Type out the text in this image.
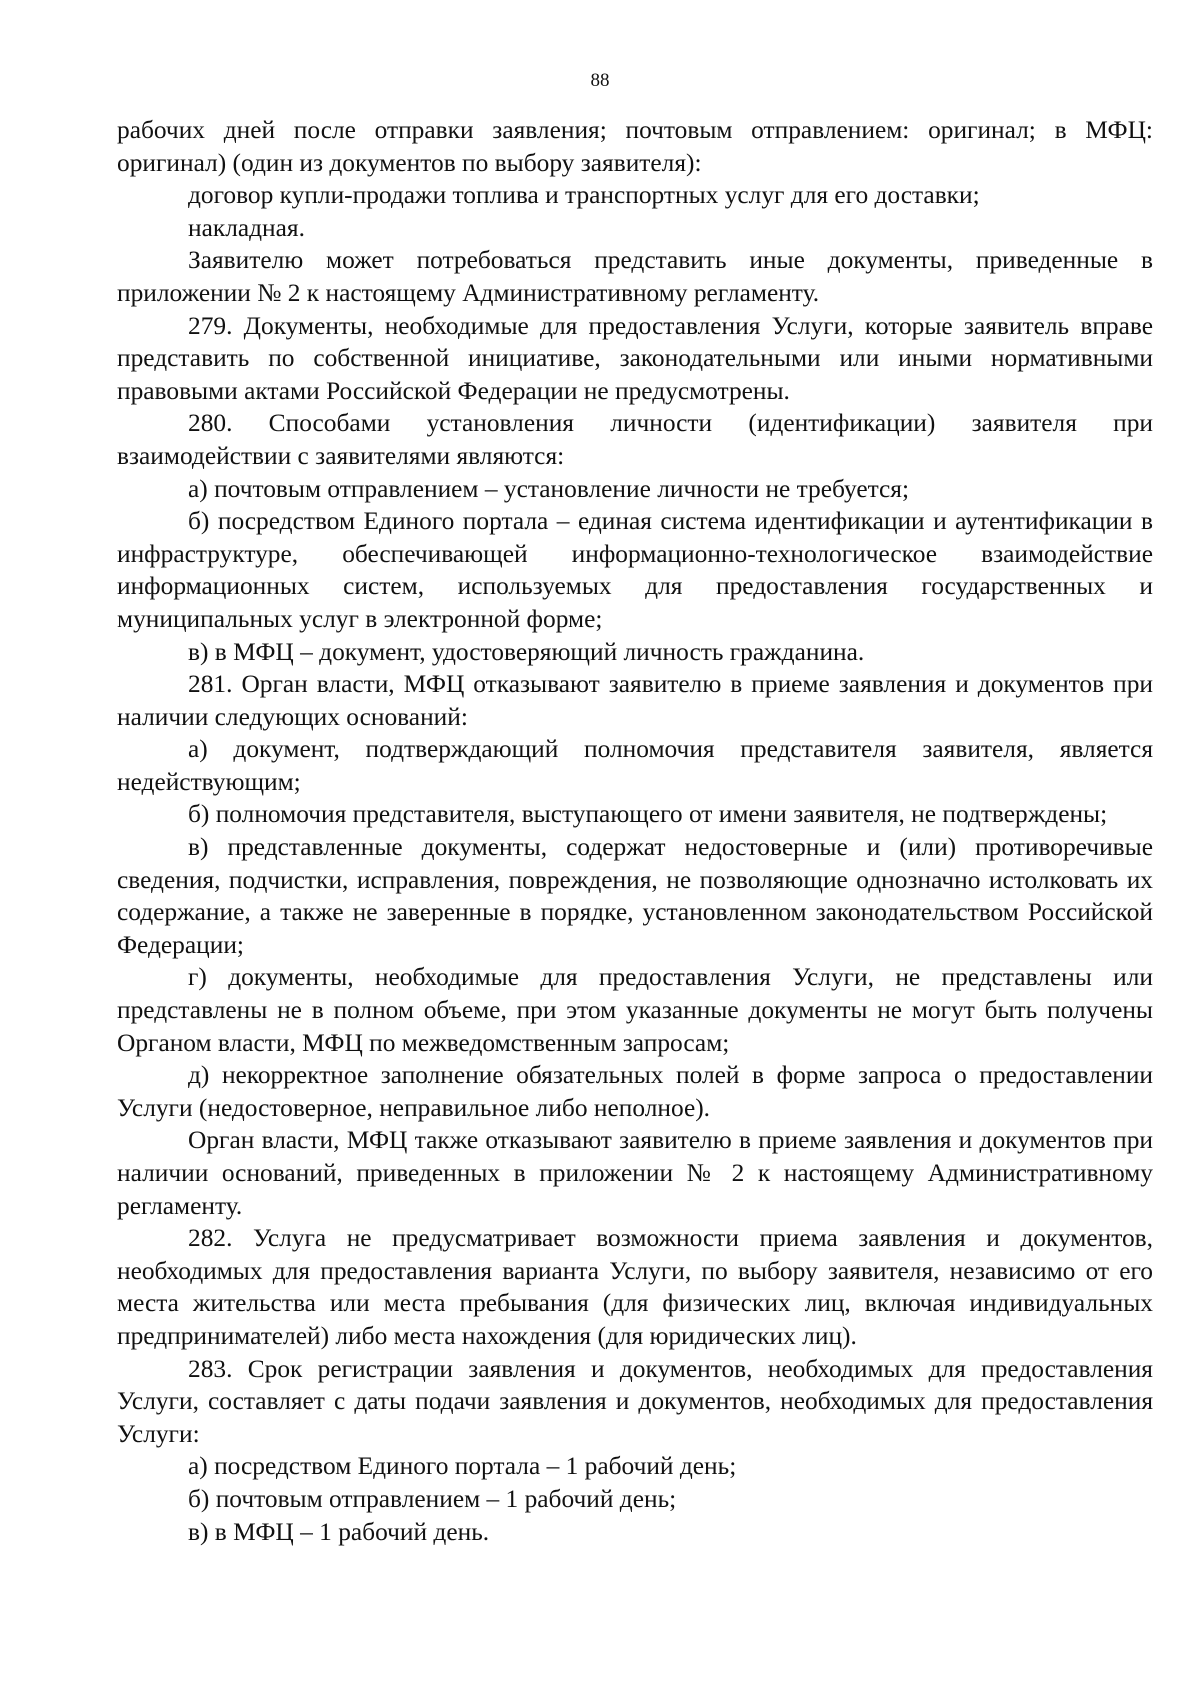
88

рабочих дней после отправки заявления; почтовым отправлением: оригинал; в МФЦ: оригинал) (один из документов по выбору заявителя):

договор купли-продажи топлива и транспортных услуг для его доставки;

накладная.

Заявителю может потребоваться представить иные документы, приведенные в приложении № 2 к настоящему Административному регламенту.

279. Документы, необходимые для предоставления Услуги, которые заявитель вправе представить по собственной инициативе, законодательными или иными нормативными правовыми актами Российской Федерации не предусмотрены.

280. Способами установления личности (идентификации) заявителя при взаимодействии с заявителями являются:

а) почтовым отправлением – установление личности не требуется;

б) посредством Единого портала – единая система идентификации и аутентификации в инфраструктуре, обеспечивающей информационно-технологическое взаимодействие информационных систем, используемых для предоставления государственных и муниципальных услуг в электронной форме;

в) в МФЦ – документ, удостоверяющий личность гражданина.

281. Орган власти, МФЦ отказывают заявителю в приеме заявления и документов при наличии следующих оснований:

а) документ, подтверждающий полномочия представителя заявителя, является недействующим;

б) полномочия представителя, выступающего от имени заявителя, не подтверждены;

в) представленные документы, содержат недостоверные и (или) противоречивые сведения, подчистки, исправления, повреждения, не позволяющие однозначно истолковать их содержание, а также не заверенные в порядке, установленном законодательством Российской Федерации;

г) документы, необходимые для предоставления Услуги, не представлены или представлены не в полном объеме, при этом указанные документы не могут быть получены Органом власти, МФЦ по межведомственным запросам;

д) некорректное заполнение обязательных полей в форме запроса о предоставлении Услуги (недостоверное, неправильное либо неполное).

Орган власти, МФЦ также отказывают заявителю в приеме заявления и документов при наличии оснований, приведенных в приложении № 2 к настоящему Административному регламенту.

282. Услуга не предусматривает возможности приема заявления и документов, необходимых для предоставления варианта Услуги, по выбору заявителя, независимо от его места жительства или места пребывания (для физических лиц, включая индивидуальных предпринимателей) либо места нахождения (для юридических лиц).

283. Срок регистрации заявления и документов, необходимых для предоставления Услуги, составляет с даты подачи заявления и документов, необходимых для предоставления Услуги:

а) посредством Единого портала – 1 рабочий день;

б) почтовым отправлением – 1 рабочий день;

в) в МФЦ – 1 рабочий день.
